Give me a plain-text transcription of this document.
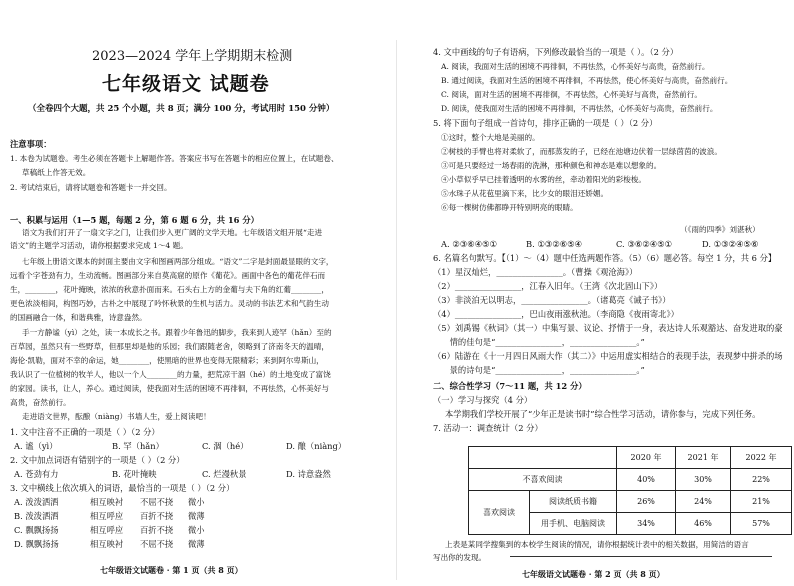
2023—2024 学年上学期期末检测
七年级语文 试题卷
（全卷四个大题，共 25 个小题，共 8 页；满分 100 分，考试用时 150 分钟）
注意事项：
1. 本卷为试题卷。考生必须在答题卡上解题作答。答案应书写在答题卡的相应位置上，在试题卷、
草稿纸上作答无效。
2. 考试结束后，请将试题卷和答题卡一并交回。
一、积累与运用（1—5 题，每题 2 分，第 6 题 6 分，共 16 分）
语文为我们打开了一扇文字之门，让我们步入更广阔的文学天地。七年级语文组开展“走进
语文”的主题学习活动，请你根据要求完成 1～4 题。
七年级上册语文课本的封面主要由文字和图画两部分组成。“语文”二字是封面最显眼的文字，
远看个字苍劲有力，生动流畅。图画部分来自莫高窟的原作《葡花》。画面中各色的葡花伴石而
生，________，花叶掩映，浓浓的秋意扑面而来。石头右上方的金葡与夫下角的红葡________，
更色浓淡相间，构图巧妙，古朴之中展现了吟怀秋景的生机与活力。灵动的书法艺术和气韵生动
的国画融合一体，和谐典雅，诗意盎然。
手一方静谧（yì）之处，读一本成长之书。跟着少年鲁迅的脚步，我来到人迹罕（hǎn）至的
百草园，虽然只有一些野草，但那里却是他的乐园；我们跟随老舍，领略到了济南冬天的温晴，
海伦·凯勒，面对不幸的命运，她________，使黑暗的世界也变得无限精彩；来到阿尔卑斯山，
我认识了一位植树的牧羊人，他以一个人________的力量，把荒凉干涸（hé）的土地变成了富饶
的家园。读书，让人，养心。通过阅读，使我面对生活的困境不再徘徊，不再怯然，心怀美好与
高贵，奋然前行。
走进语文世界，酝酿（niàng）书墙人生，爱上阅读吧！
1. 文中注音不正确的一项是（ ）（2 分）
A. 谧（yì）	B. 罕（hǎn）	C. 涸（hé）	D. 酿（niàng）
2. 文中加点词语有错别字的一项是（ ）（2 分）
A. 苍劲有力	B. 花叶掩映	C. 烂漫秋景	D. 诗意盎然
3. 文中横线上依次填入的词语，最恰当的一项是（ ）（2 分）
A. 泼泼洒洒	相互映衬 不屈不挠 微小
B. 泼泼洒洒	相互呼应 百折不挠 微薄
C. 飘飘扬扬	相互呼应 百折不挠 微小
D. 飘飘扬扬	相互映衬 不屈不挠 微薄
七年级语文试题卷 · 第 1 页（共 8 页）
4. 文中画线的句子有语病，下列修改最恰当的一项是（ ）。（2 分）
A. 阅读，我面对生活的困境不再徘徊，不再怯然，心怀美好与高贵，奋然前行。
B. 通过阅读，我面对生活的困境不再徘徊，不再怯然，使心怀美好与高贵，奋然前行。
C. 阅读，面对生活的困境不再徘徊，不再怯然，心怀美好与高贵，奋然前行。
D. 阅读，使我面对生活的困境不再徘徊，不再怯然，心怀美好与高贵，奋然前行。
5. 将下面句子组成一首诗句，排序正确的一项是（ ）（2 分）
①这时，整个大地是美丽的。
②树枝的手臂也将对柔软了，而那蒸发的子，已经在池塘边伏着一层绿茵茵的波浪。
③可是只要经过一场春雨的洗淋，那种颜色和神态是难以想象的。
④小草似乎早已挂着透明的水雾的丝，牵动着阳光的彩梭梭。
⑤水珠子从花苞里滴下来，比少女的眼泪还娇媚。
⑥每一棵树仿佛都睁开特别明亮的眼睛。
（《雨的四季》刘湛秋）
A. ②③⑥④⑤①	B. ①③②⑥⑤④	C. ③⑥②④⑤①	D. ①③②④⑤⑥
6. 名篇名句默写。【（1）～（4）题中任选两题作答。（5）（6）题必答。每空 1 分，共 6 分】
（1）星汉灿烂，________________。（曹操《观沧海》）
（2）________________，江春入旧年。（王湾《次北固山下》）
（3）非淡泊无以明志，________________。（诸葛亮《诫子书》）
（4）________________，巴山夜雨涨秋池。（李商隐《夜雨寄北》）
（5）刘禹锡《秋词》（其一）中集写景、议论、抒情于一身，表达诗人乐观豁达、奋发进取的豪
　　情的佳句是“________________，________________。”
（6）陆游在《十一月四日风雨大作（其二）》中运用虚实相结合的表现手法，表现梦中拼杀的场
　　景的诗句是“________________，________________。”
二、综合性学习（7～11 题，共 12 分）
（一）学习与探究（4 分）
本学期我们学校开展了“少年正是读书时”综合性学习活动，请你参与，完成下列任务。
7. 活动一：调查统计（2 分）
		2020 年	2021 年	2022 年
不喜欢阅读		40%	30%	22%
喜欢阅读	阅读纸质书籍	26%	24%	21%
	用手机、电脑阅读	34%	46%	57%
上表是某同学搜集到的本校学生阅读的情况，请你根据统计表中的相关数据，用简洁的语言
写出你的发现。
七年级语文试题卷 · 第 2 页（共 8 页）
